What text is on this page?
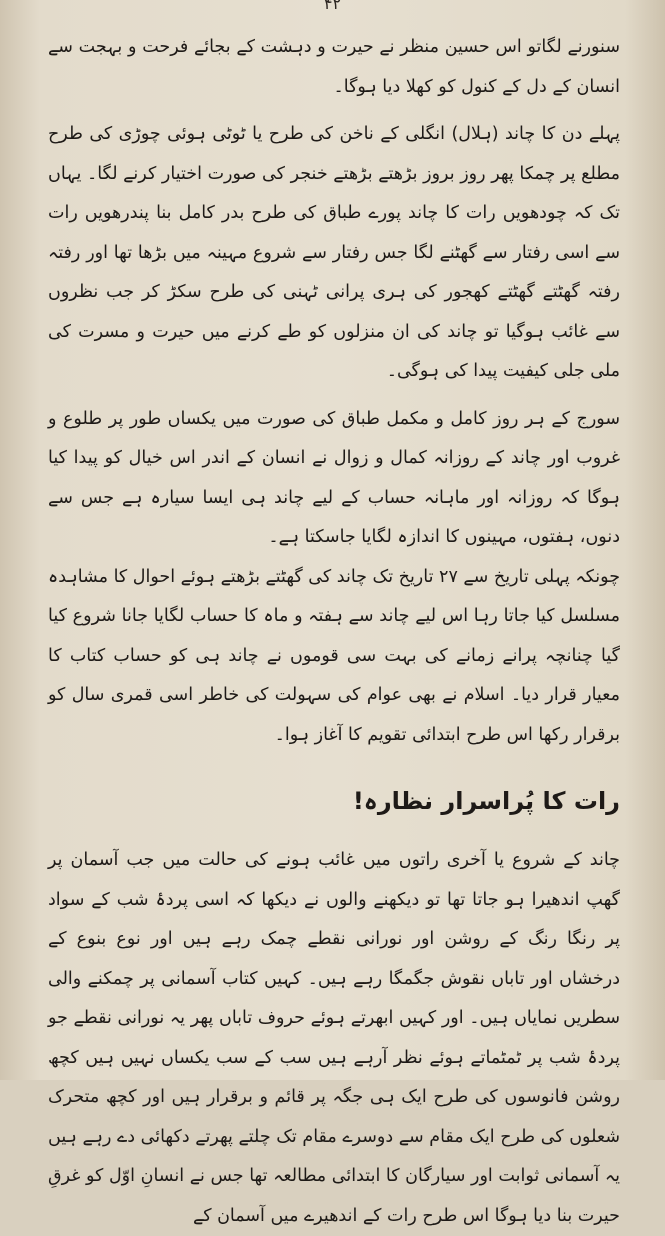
۴۲

سنورنے لگاتو اس حسین منظر نے حیرت و دہشت کے بجائے فرحت و بہجت سے انسان کے دل کے کنول کو کھلا دیا ہوگا۔

پہلے دن کا چاند (ہلال) انگلی کے ناخن کی طرح یا ٹوٹی ہوئی چوڑی کی طرح مطلع پر چمکا پھر روز بروز بڑھتے بڑھتے خنجر کی صورت اختیار کرنے لگا۔ یہاں تک کہ چودھویں رات کا چاند پورے طباق کی طرح بدر کامل بنا پندرھویں رات سے اسی رفتار سے گھٹنے لگا جس رفتار سے شروع مہینہ میں بڑھا تھا اور رفتہ رفتہ گھٹتے گھٹتے کھجور کی ہری پرانی ٹہنی کی طرح سکڑ کر جب نظروں سے غائب ہوگیا تو چاند کی ان منزلوں کو طے کرنے میں حیرت و مسرت کی ملی جلی کیفیت پیدا کی ہوگی۔

سورج کے ہر روز کامل و مکمل طباق کی صورت میں یکساں طور پر طلوع و غروب اور چاند کے روزانہ کمال و زوال نے انسان کے اندر اس خیال کو پیدا کیا ہوگا کہ روزانہ اور ماہانہ حساب کے لیے چاند ہی ایسا سیارہ ہے جس سے دنوں، ہفتوں، مہینوں کا اندازہ لگایا جاسکتا ہے۔

چونکہ پہلی تاریخ سے ۲۷ تاریخ تک چاند کی گھٹتے بڑھتے ہوئے احوال کا مشاہدہ مسلسل کیا جاتا رہا اس لیے چاند سے ہفتہ و ماہ کا حساب لگایا جانا شروع کیا گیا چنانچہ پرانے زمانے کی بہت سی قوموں نے چاند ہی کو حساب کتاب کا معیار قرار دیا۔ اسلام نے بھی عوام کی سہولت کی خاطر اسی قمری سال کو برقرار رکھا اس طرح ابتدائی تقویم کا آغاز ہوا۔

رات کا پُراسرار نظارہ!

چاند کے شروع یا آخری راتوں میں غائب ہونے کی حالت میں جب آسمان پر گھپ اندھیرا ہو جاتا تھا تو دیکھنے والوں نے دیکھا کہ اسی پردۂ شب کے سواد پر رنگا رنگ کے روشن اور نورانی نقطے چمک رہے ہیں اور نوع بنوع کے درخشاں اور تاباں نقوش جگمگا رہے ہیں۔ کہیں کتاب آسمانی پر چمکنے والی سطریں نمایاں ہیں۔ اور کہیں ابھرتے ہوئے حروف تاباں پھر یہ نورانی نقطے جو پردۂ شب پر ٹمٹماتے ہوئے نظر آرہے ہیں سب کے سب یکساں نہیں ہیں کچھ روشن فانوسوں کی طرح ایک ہی جگہ پر قائم و برقرار ہیں اور کچھ متحرک شعلوں کی طرح ایک مقام سے دوسرے مقام تک چلتے پھرتے دکھائی دے رہے ہیں یہ آسمانی ثوابت اور سیارگان کا ابتدائی مطالعہ تھا جس نے انسانِ اوّل کو غرقِ حیرت بنا دیا ہوگا اس طرح رات کے اندھیرے میں آسمان کے
